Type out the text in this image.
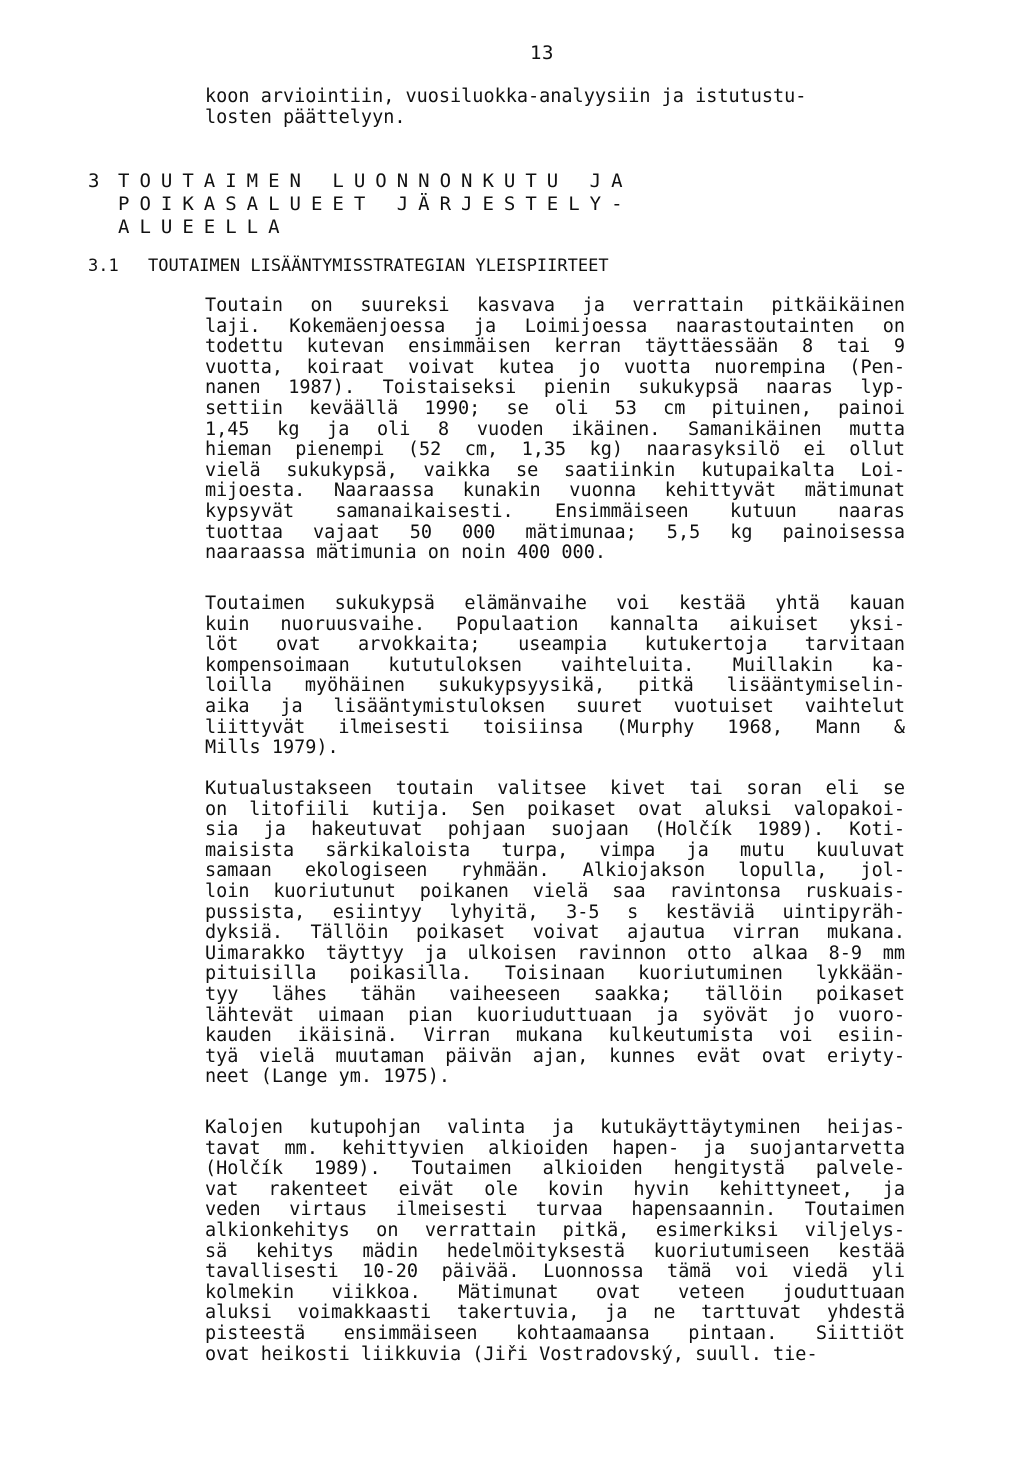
13

koon arviointiin, vuosiluokka-analyysiin ja istutustu-
losten päättelyyn.

3 TOUTAIMEN LUONNONKUTU JA
POIKASALUEET JÄRJESTELY-
ALUEELLA
3.1 TOUTAIMEN LISÄÄNTYMISSTRATEGIAN YLEISPIIRTEET
Toutain on suureksi kasvava ja verrattain pitkäikäinen
laji. Kokemäenjoessa ja Loimijoessa naarastoutainten on
todettu kutevan ensimmäisen kerran täyttäessään 8 tai 9
vuotta, koiraat voivat kutea jo vuotta nuorempina (Pen-
nanen 1987). Toistaiseksi pienin sukukypsä naaras lyp-
settiin keväällä 1990; se oli 53 cm pituinen, painoi
1,45 kg ja oli 8 vuoden ikäinen. Samanikäinen mutta
hieman pienempi (52 cm, 1,35 kg) naarasyksilö ei ollut
vielä sukukypsä, vaikka se saatiinkin kutupaikalta Loi-
mijoesta. Naaraassa kunakin vuonna kehittyvät mätimunat
kypsyvät samanaikaisesti. Ensimmäiseen kutuun naaras
tuottaa vajaat 50 000 mätimunaa; 5,5 kg painoisessa
naaraassa mätimunia on noin 400 000.
Toutaimen sukukypsä elämänvaihe voi kestää yhtä kauan
kuin nuoruusvaihe. Populaation kannalta aikuiset yksi-
löt ovat arvokkaita; useampia kutukertoja tarvitaan
kompensoimaan kututuloksen vaihteluita. Muillakin ka-
loilla myöhäinen sukukypsyysikä, pitkä lisääntymiselin-
aika ja lisääntymistuloksen suuret vuotuiset vaihtelut
liittyvät ilmeisesti toisiinsa (Murphy 1968, Mann &
Mills 1979).
Kutualustakseen toutain valitsee kivet tai soran eli se
on litofiili kutija. Sen poikaset ovat aluksi valopakoi-
sia ja hakeutuvat pohjaan suojaan (Holčík 1989). Koti-
maisista särkikaloista turpa, vimpa ja mutu kuuluvat
samaan ekologiseen ryhmään. Alkiojakson lopulla, jol-
loin kuoriutunut poikanen vielä saa ravintonsa ruskuais-
pussista, esiintyy lyhyitä, 3-5 s kestäviä uintipyräh-
dyksiä. Tällöin poikaset voivat ajautua virran mukana.
Uimarakko täyttyy ja ulkoisen ravinnon otto alkaa 8-9 mm
pituisilla poikasilla. Toisinaan kuoriutuminen lykkään-
tyy lähes tähän vaiheeseen saakka; tällöin poikaset
lähtevät uimaan pian kuoriuduttuaan ja syövät jo vuoro-
kauden ikäisinä. Virran mukana kulkeutumista voi esiin-
tyä vielä muutaman päivän ajan, kunnes evät ovat eriyty-
neet (Lange ym. 1975).
Kalojen kutupohjan valinta ja kutukäyttäytyminen heijas-
tavat mm. kehittyvien alkioiden hapen- ja suojantarvetta
(Holčík 1989). Toutaimen alkioiden hengitystä palvele-
vat rakenteet eivät ole kovin hyvin kehittyneet, ja
veden virtaus ilmeisesti turvaa hapensaannin. Toutaimen
alkionkehitys on verrattain pitkä, esimerkiksi viljelys-
sä kehitys mädin hedelmöityksestä kuoriutumiseen kestää
tavallisesti 10-20 päivää. Luonnossa tämä voi viedä yli
kolmekin viikkoa. Mätimunat ovat veteen jouduttuaan
aluksi voimakkaasti takertuvia, ja ne tarttuvat yhdestä
pisteestä ensimmäiseen kohtaamaansa pintaan. Siittiöt
ovat heikosti liikkuvia (Jiři Vostradovský, suull. tie-
